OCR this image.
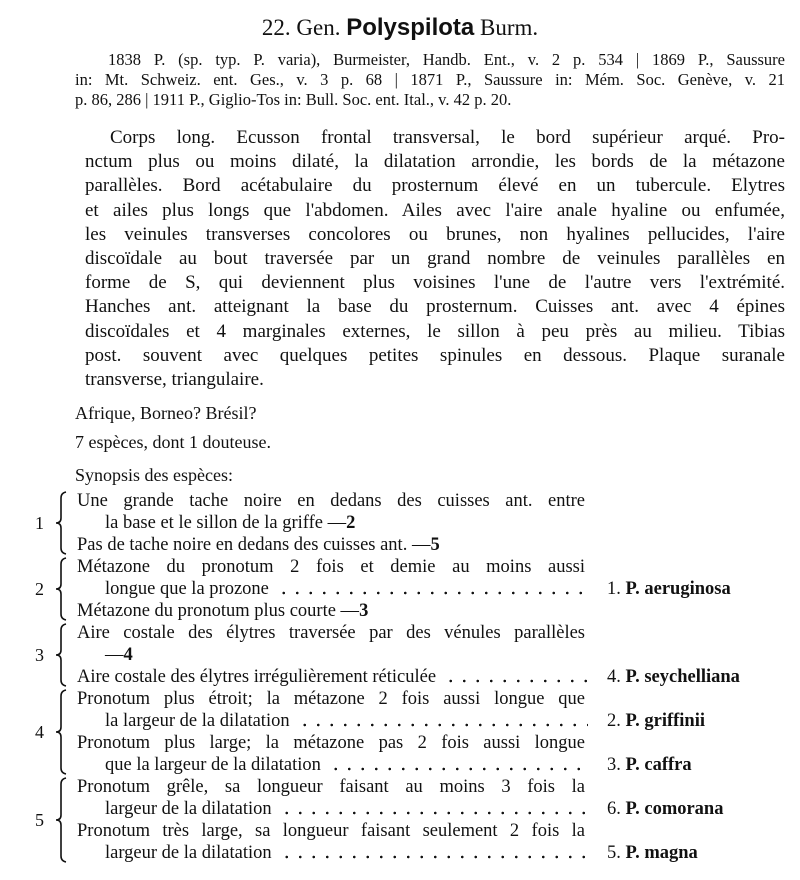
22. Gen. Polyspilota Burm.
1838 P. (sp. typ. P. varia), Burmeister, Handb. Ent., v. 2 p. 534 | 1869 P., Saussure
in: Mt. Schweiz. ent. Ges., v. 3 p. 68 | 1871 P., Saussure in: Mém. Soc. Genève, v. 21
p. 86, 286 | 1911 P., Giglio-Tos in: Bull. Soc. ent. Ital., v. 42 p. 20.
Corps long. Ecusson frontal transversal, le bord supérieur arqué. Pro-
nctum plus ou moins dilaté, la dilatation arrondie, les bords de la métazone
parallèles. Bord acétabulaire du prosternum élevé en un tubercule. Elytres
et ailes plus longs que l'abdomen. Ailes avec l'aire anale hyaline ou enfumée,
les veinules transverses concolores ou brunes, non hyalines pellucides, l'aire
discoïdale au bout traversée par un grand nombre de veinules parallèles en
forme de S, qui deviennent plus voisines l'une de l'autre vers l'extrémité.
Hanches ant. atteignant la base du prosternum. Cuisses ant. avec 4 épines
discoïdales et 4 marginales externes, le sillon à peu près au milieu. Tibias
post. souvent avec quelques petites spinules en dessous. Plaque suranale
transverse, triangulaire.
Afrique, Borneo? Brésil?
7 espèces, dont 1 douteuse.
Synopsis des espèces:
1
Une grande tache noire en dedans des cuisses ant. entre
la base et le sillon de la griffe — 2
Pas de tache noire en dedans des cuisses ant. — 5
2
Métazone du pronotum 2 fois et demie au moins aussi
1. P. aeruginosa
longue que la prozone
Métazone du pronotum plus courte — 3
3
Aire costale des élytres traversée par des vénules parallèles
— 4
4. P. seychelliana
Aire costale des élytres irrégulièrement réticulée
4
Pronotum plus étroit; la métazone 2 fois aussi longue que
2. P. griffinii
la largeur de la dilatation
Pronotum plus large; la métazone pas 2 fois aussi longue
3. P. caffra
que la largeur de la dilatation
5
Pronotum grêle, sa longueur faisant au moins 3 fois la
6. P. comorana
largeur de la dilatation
Pronotum très large, sa longueur faisant seulement 2 fois la
5. P. magna
largeur de la dilatation
